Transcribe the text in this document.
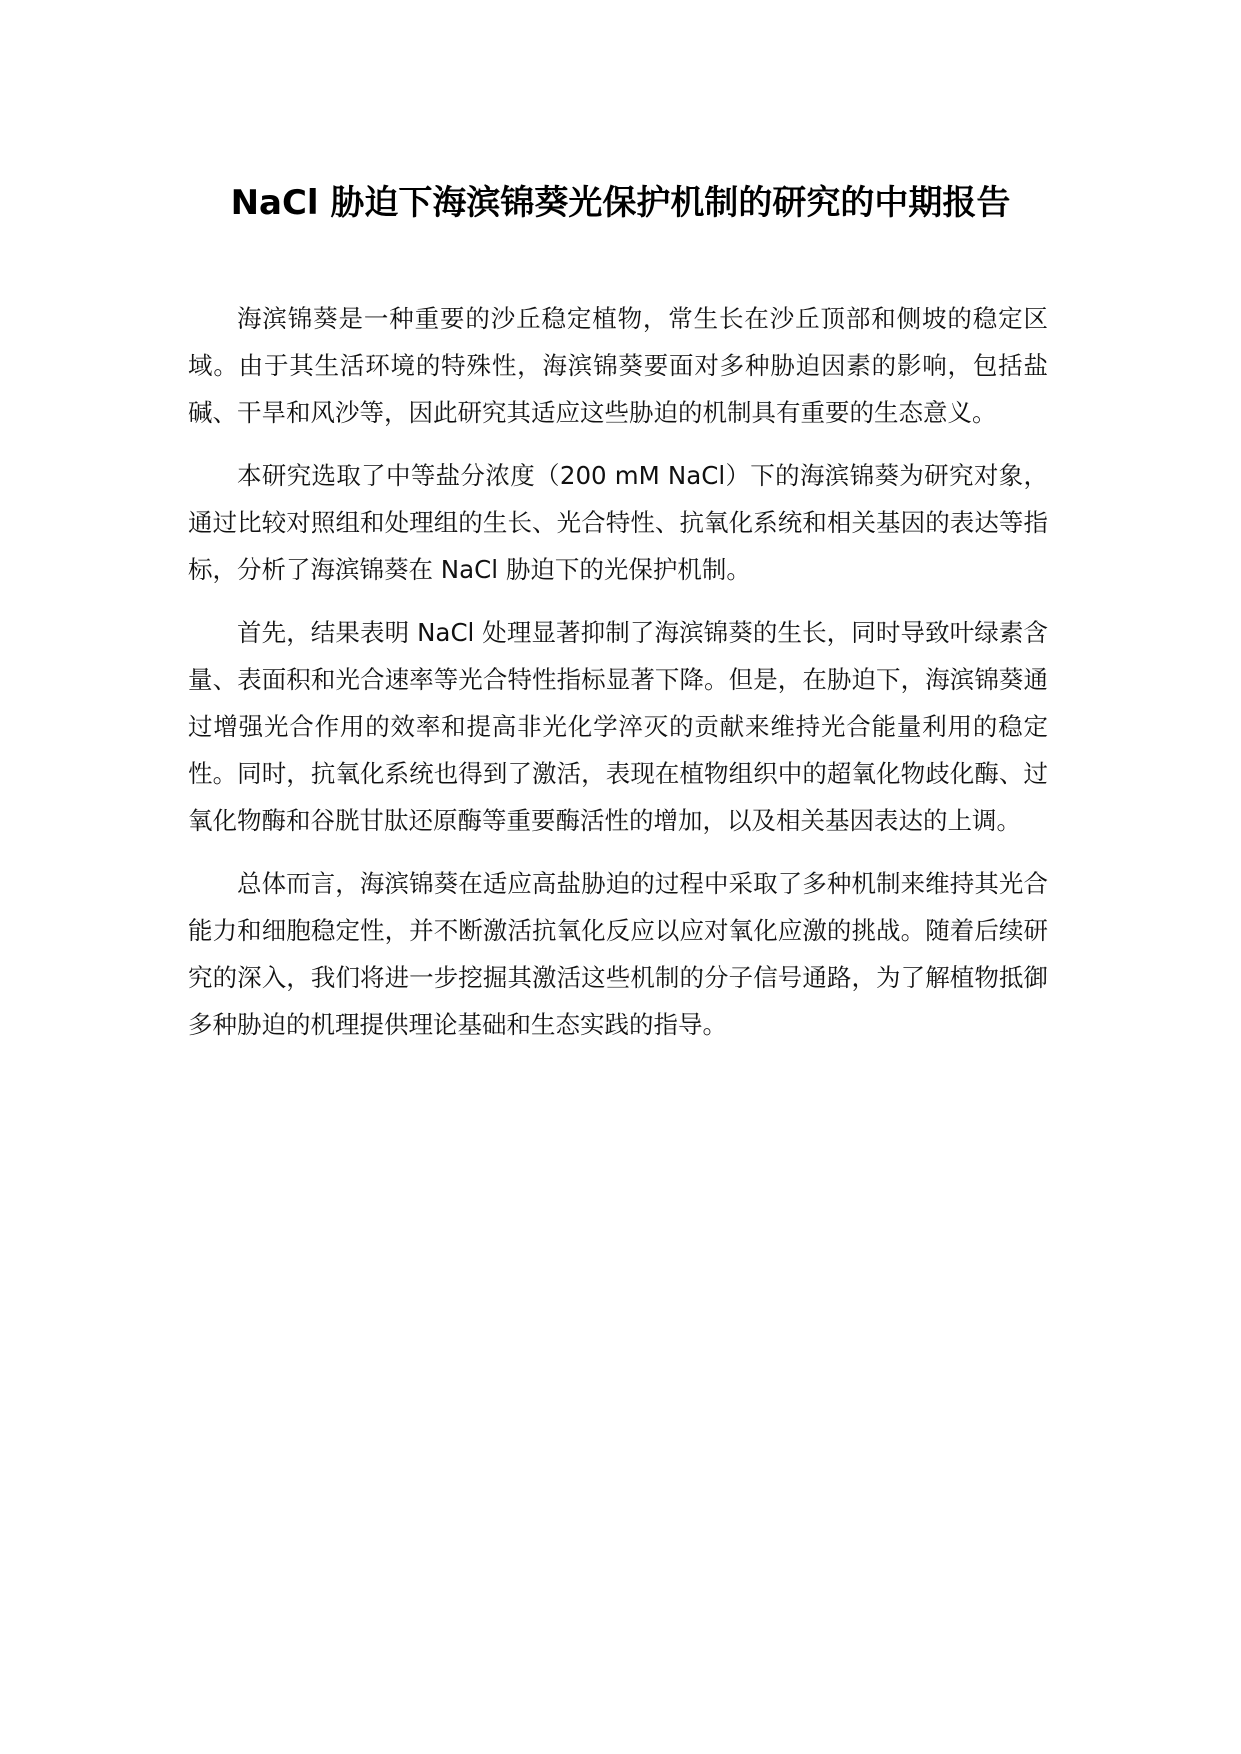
NaCl 胁迫下海滨锦葵光保护机制的研究的中期报告

海滨锦葵是一种重要的沙丘稳定植物，常生长在沙丘顶部和侧坡的稳定区域。由于其生活环境的特殊性，海滨锦葵要面对多种胁迫因素的影响，包括盐碱、干旱和风沙等，因此研究其适应这些胁迫的机制具有重要的生态意义。

本研究选取了中等盐分浓度（200 mM NaCl）下的海滨锦葵为研究对象，通过比较对照组和处理组的生长、光合特性、抗氧化系统和相关基因的表达等指标，分析了海滨锦葵在 NaCl 胁迫下的光保护机制。

首先，结果表明 NaCl 处理显著抑制了海滨锦葵的生长，同时导致叶绿素含量、表面积和光合速率等光合特性指标显著下降。但是，在胁迫下，海滨锦葵通过增强光合作用的效率和提高非光化学淬灭的贡献来维持光合能量利用的稳定性。同时，抗氧化系统也得到了激活，表现在植物组织中的超氧化物歧化酶、过氧化物酶和谷胱甘肽还原酶等重要酶活性的增加，以及相关基因表达的上调。

总体而言，海滨锦葵在适应高盐胁迫的过程中采取了多种机制来维持其光合能力和细胞稳定性，并不断激活抗氧化反应以应对氧化应激的挑战。随着后续研究的深入，我们将进一步挖掘其激活这些机制的分子信号通路，为了解植物抵御多种胁迫的机理提供理论基础和生态实践的指导。
